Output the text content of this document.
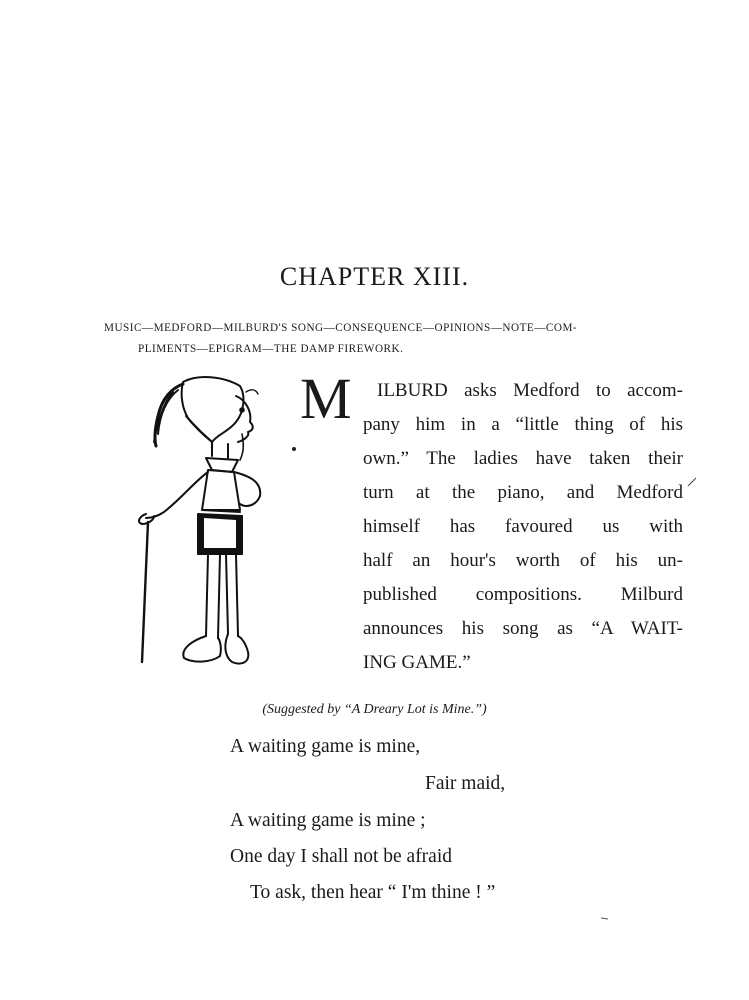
CHAPTER XIII.
MUSIC—MEDFORD—MILBURD'S SONG—CONSEQUENCE—OPINIONS—NOTE—COM-
PLIMENTS—EPIGRAM—THE DAMP FIREWORK.
M ILBURD asks Medford to accom-
pany him in a “little thing of his
own.” The ladies have taken their
turn at the piano, and Medford
himself has favoured us with
half an hour's worth of his un-
published compositions. Milburd
announces his song as “A WAIT-
ING GAME.”
(Suggested by “A Dreary Lot is Mine.”)
A waiting game is mine,
Fair maid,
A waiting game is mine ;
One day I shall not be afraid
To ask, then hear “ I'm thine ! ”
